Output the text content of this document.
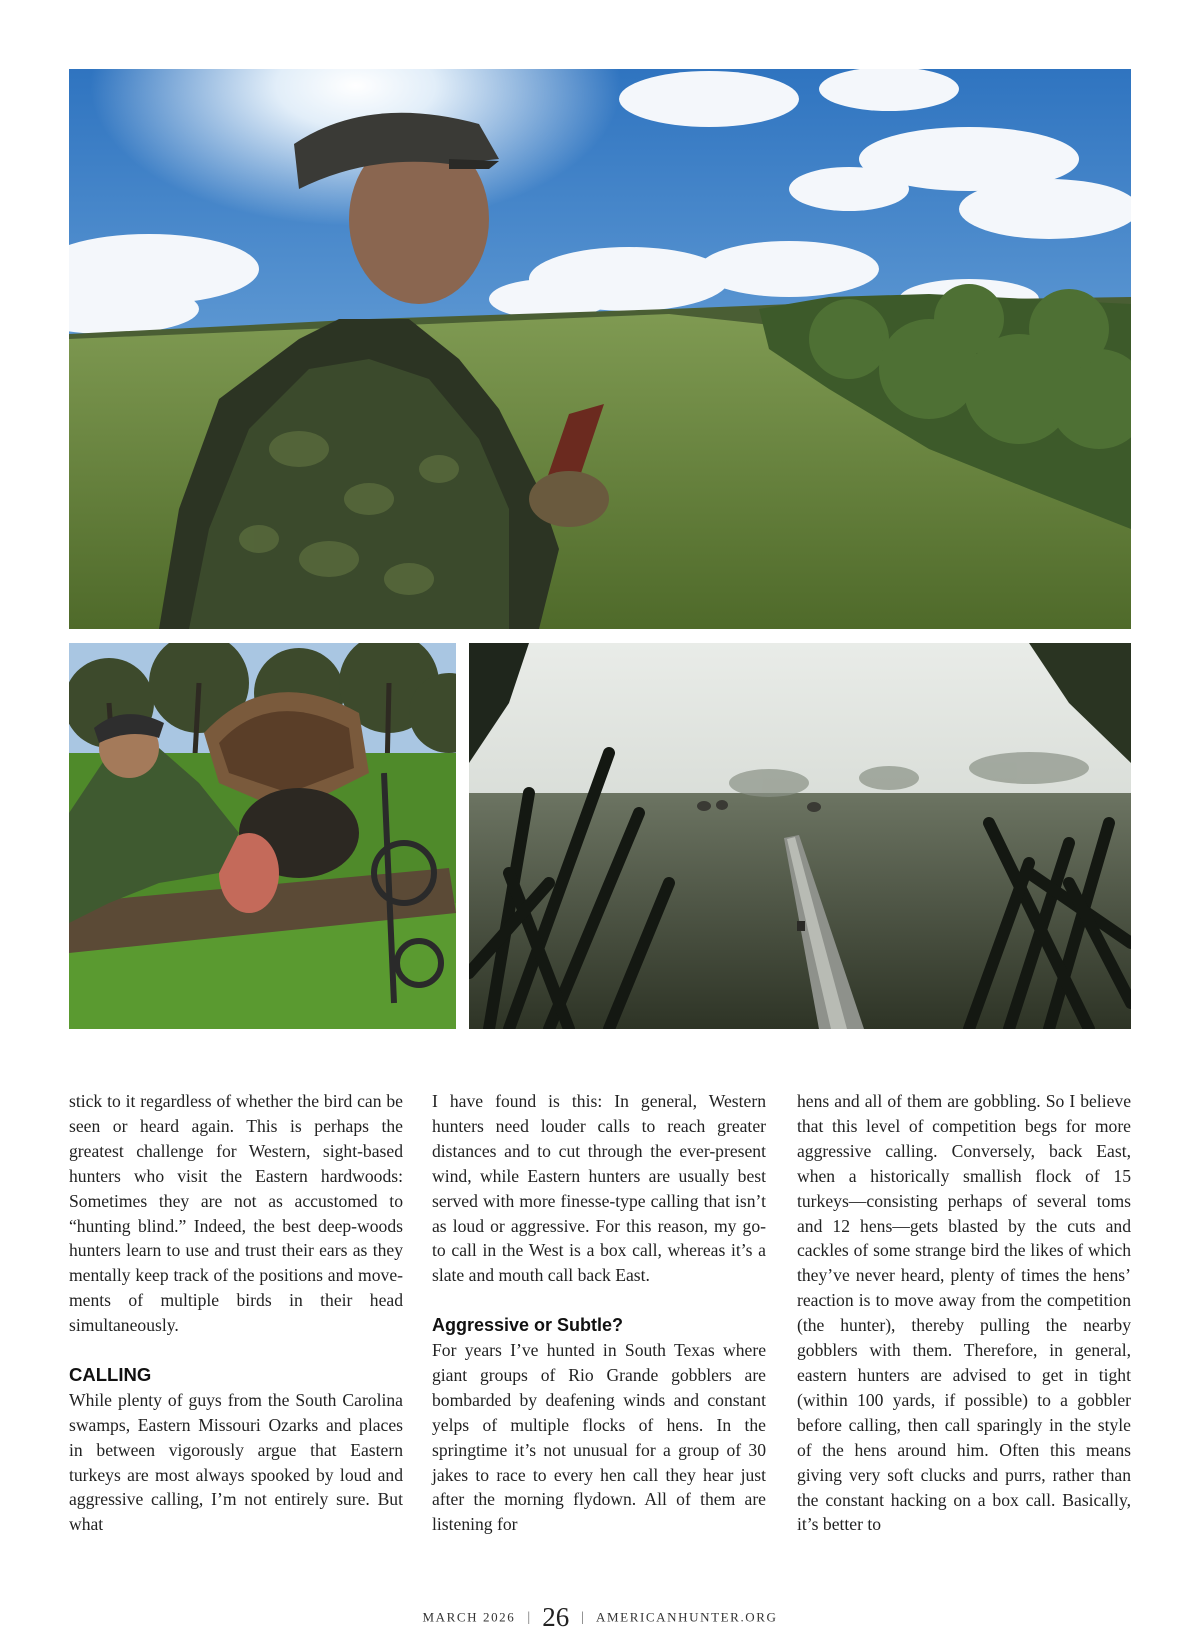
stick to it regardless of whether the bird can be seen or heard again. This is perhaps the greatest challenge for Western, sight-based hunters who visit the Eastern hardwoods: Sometimes they are not as accustomed to “hunting blind.” Indeed, the best deep-woods hunters learn to use and trust their ears as they mentally keep track of the positions and movements of multiple birds in their head simultaneously.

CALLING

While plenty of guys from the South Carolina swamps, Eastern Missouri Ozarks and places in between vigorously argue that Eastern turkeys are most always spooked by loud and aggressive calling, I’m not entirely sure. But what

I have found is this: In general, Western hunters need louder calls to reach greater distances and to cut through the ever-present wind, while Eastern hunters are usually best served with more finesse-type calling that isn’t as loud or aggressive. For this reason, my go-to call in the West is a box call, whereas it’s a slate and mouth call back East.

Aggressive or Subtle?

For years I’ve hunted in South Texas where giant groups of Rio Grande gobblers are bombarded by deafening winds and constant yelps of multiple flocks of hens. In the springtime it’s not unusual for a group of 30 jakes to race to every hen call they hear just after the morning flydown. All of them are listening for

hens and all of them are gobbling. So I believe that this level of competition begs for more aggressive calling. Conversely, back East, when a historically smallish flock of 15 turkeys—consisting perhaps of several toms and 12 hens—gets blasted by the cuts and cackles of some strange bird the likes of which they’ve never heard, plenty of times the hens’ reaction is to move away from the competition (the hunter), thereby pulling the nearby gobblers with them. Therefore, in general, eastern hunters are advised to get in tight (within 100 yards, if possible) to a gobbler before calling, then call sparingly in the style of the hens around him. Often this means giving very soft clucks and purrs, rather than the constant hacking on a box call. Basically, it’s better to

MARCH 2026 | 26 | AMERICANHUNTER.ORG
